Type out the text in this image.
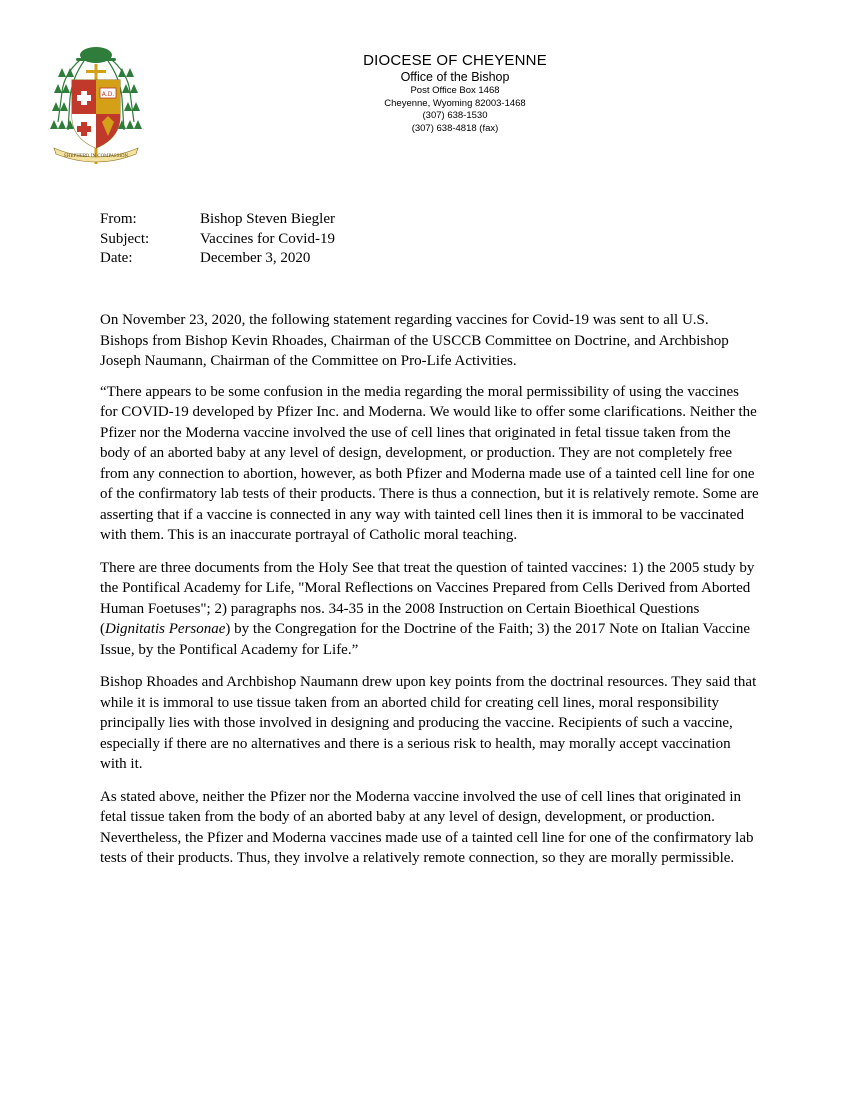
A.D.
SHEPHERD IN COMPASSION
DIOCESE OF CHEYENNE
Office of the Bishop
Post Office Box 1468
Cheyenne, Wyoming 82003-1468
(307) 638-1530
(307) 638-4818 (fax)
From:	Bishop Steven Biegler
Subject:	Vaccines for Covid-19
Date:	December 3, 2020

On November 23, 2020, the following statement regarding vaccines for Covid-19 was sent to all U.S. Bishops from Bishop Kevin Rhoades, Chairman of the USCCB Committee on Doctrine, and Archbishop Joseph Naumann, Chairman of the Committee on Pro-Life Activities.

“There appears to be some confusion in the media regarding the moral permissibility of using the vaccines for COVID-19 developed by Pfizer Inc. and Moderna. We would like to offer some clarifications. Neither the Pfizer nor the Moderna vaccine involved the use of cell lines that originated in fetal tissue taken from the body of an aborted baby at any level of design, development, or production. They are not completely free from any connection to abortion, however, as both Pfizer and Moderna made use of a tainted cell line for one of the confirmatory lab tests of their products. There is thus a connection, but it is relatively remote. Some are asserting that if a vaccine is connected in any way with tainted cell lines then it is immoral to be vaccinated with them. This is an inaccurate portrayal of Catholic moral teaching.

There are three documents from the Holy See that treat the question of tainted vaccines: 1) the 2005 study by the Pontifical Academy for Life, "Moral Reflections on Vaccines Prepared from Cells Derived from Aborted Human Foetuses"; 2) paragraphs nos. 34-35 in the 2008 Instruction on Certain Bioethical Questions (Dignitatis Personae) by the Congregation for the Doctrine of the Faith; 3) the 2017 Note on Italian Vaccine Issue, by the Pontifical Academy for Life.”

Bishop Rhoades and Archbishop Naumann drew upon key points from the doctrinal resources. They said that while it is immoral to use tissue taken from an aborted child for creating cell lines, moral responsibility principally lies with those involved in designing and producing the vaccine. Recipients of such a vaccine, especially if there are no alternatives and there is a serious risk to health, may morally accept vaccination with it.

As stated above, neither the Pfizer nor the Moderna vaccine involved the use of cell lines that originated in fetal tissue taken from the body of an aborted baby at any level of design, development, or production. Nevertheless, the Pfizer and Moderna vaccines made use of a tainted cell line for one of the confirmatory lab tests of their products. Thus, they involve a relatively remote connection, so they are morally permissible.
